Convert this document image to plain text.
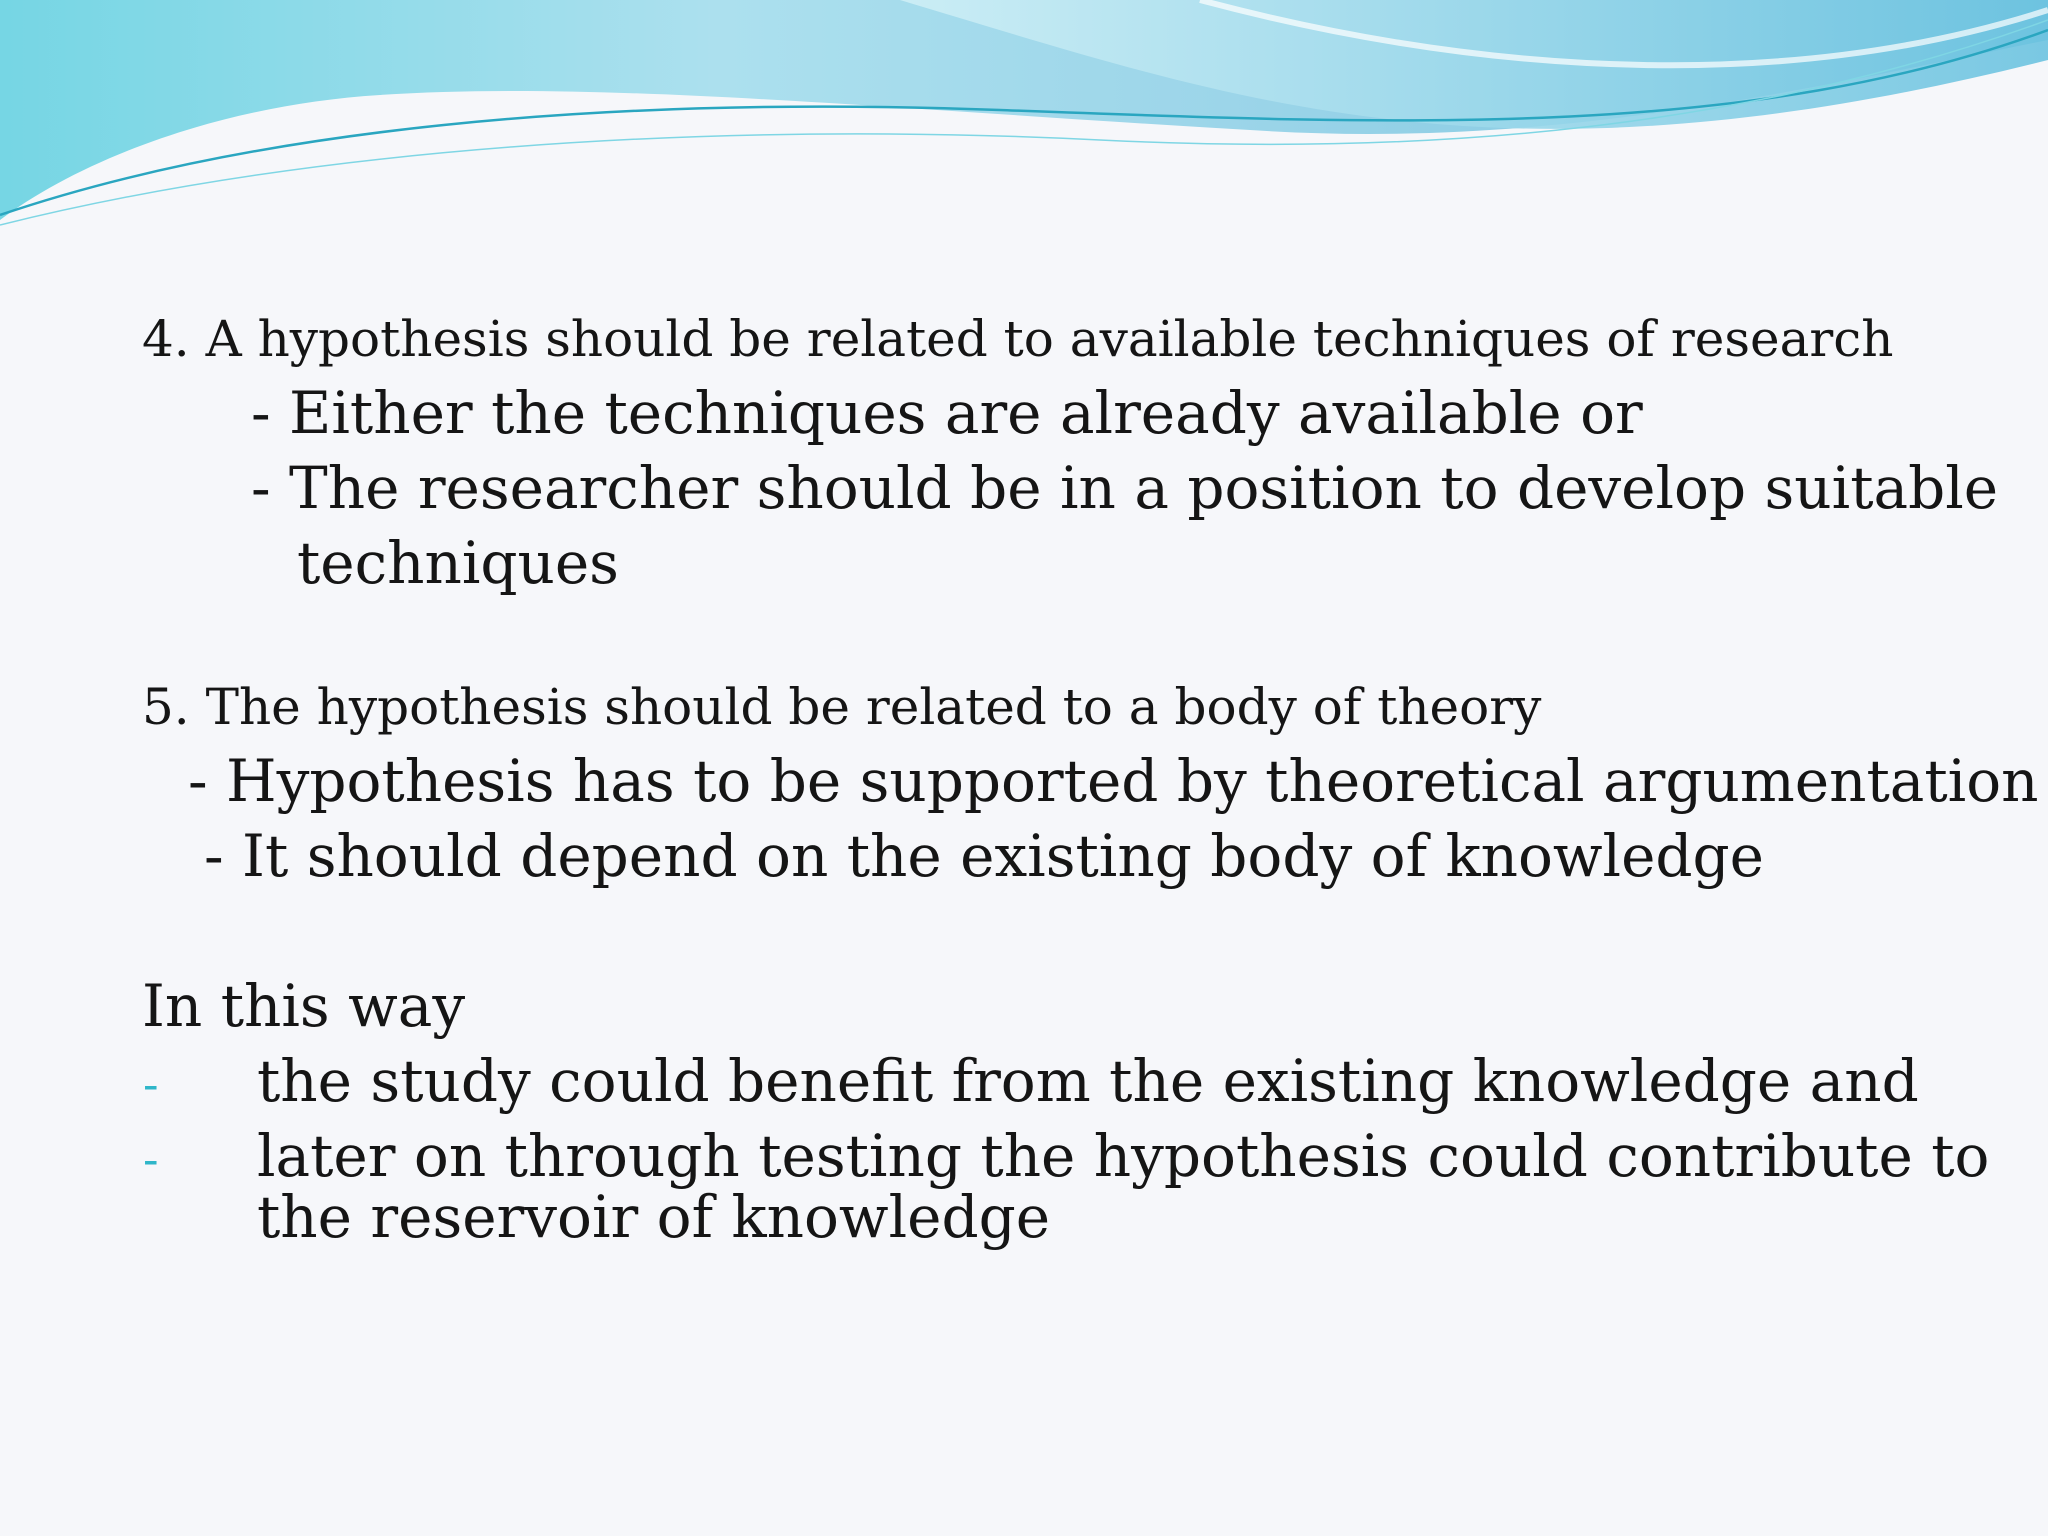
4. A hypothesis should be related to available techniques of research
- Either the techniques are already available or
- The researcher should be in a position to develop suitable
techniques
5. The hypothesis should be related to a body of theory
- Hypothesis has to be supported by theoretical argumentation
- It should depend on the existing body of knowledge
In this way
- the study could benefit from the existing knowledge and
- later on through testing the hypothesis could contribute to
the reservoir of knowledge
